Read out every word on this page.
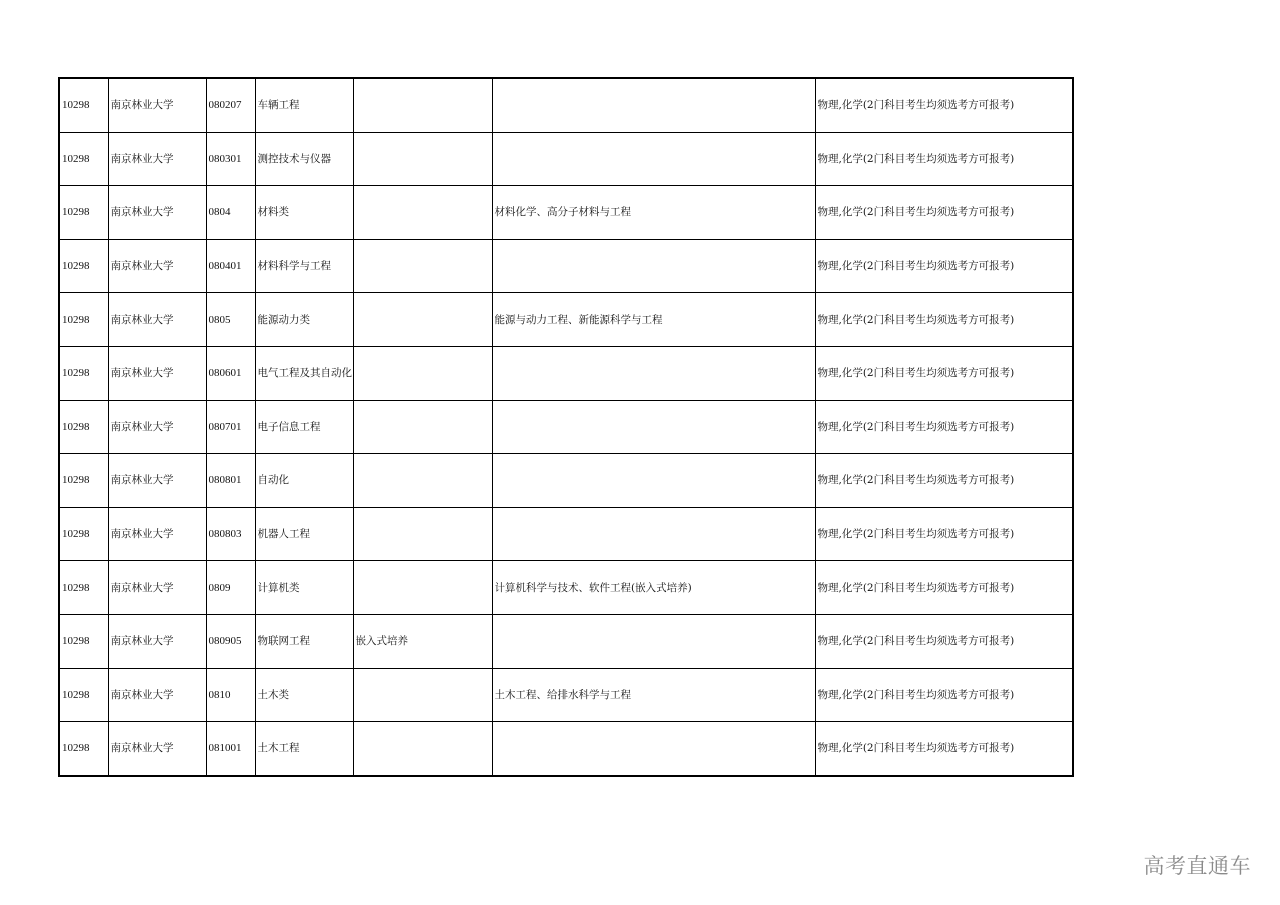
10298	南京林业大学	080207	车辆工程			物理,化学(2门科目考生均须选考方可报考)
10298	南京林业大学	080301	测控技术与仪器			物理,化学(2门科目考生均须选考方可报考)
10298	南京林业大学	0804	材料类		材料化学、高分子材料与工程	物理,化学(2门科目考生均须选考方可报考)
10298	南京林业大学	080401	材料科学与工程			物理,化学(2门科目考生均须选考方可报考)
10298	南京林业大学	0805	能源动力类		能源与动力工程、新能源科学与工程	物理,化学(2门科目考生均须选考方可报考)
10298	南京林业大学	080601	电气工程及其自动化			物理,化学(2门科目考生均须选考方可报考)
10298	南京林业大学	080701	电子信息工程			物理,化学(2门科目考生均须选考方可报考)
10298	南京林业大学	080801	自动化			物理,化学(2门科目考生均须选考方可报考)
10298	南京林业大学	080803	机器人工程			物理,化学(2门科目考生均须选考方可报考)
10298	南京林业大学	0809	计算机类		计算机科学与技术、软件工程(嵌入式培养)	物理,化学(2门科目考生均须选考方可报考)
10298	南京林业大学	080905	物联网工程	嵌入式培养		物理,化学(2门科目考生均须选考方可报考)
10298	南京林业大学	0810	土木类		土木工程、给排水科学与工程	物理,化学(2门科目考生均须选考方可报考)
10298	南京林业大学	081001	土木工程			物理,化学(2门科目考生均须选考方可报考)
高考直通车
